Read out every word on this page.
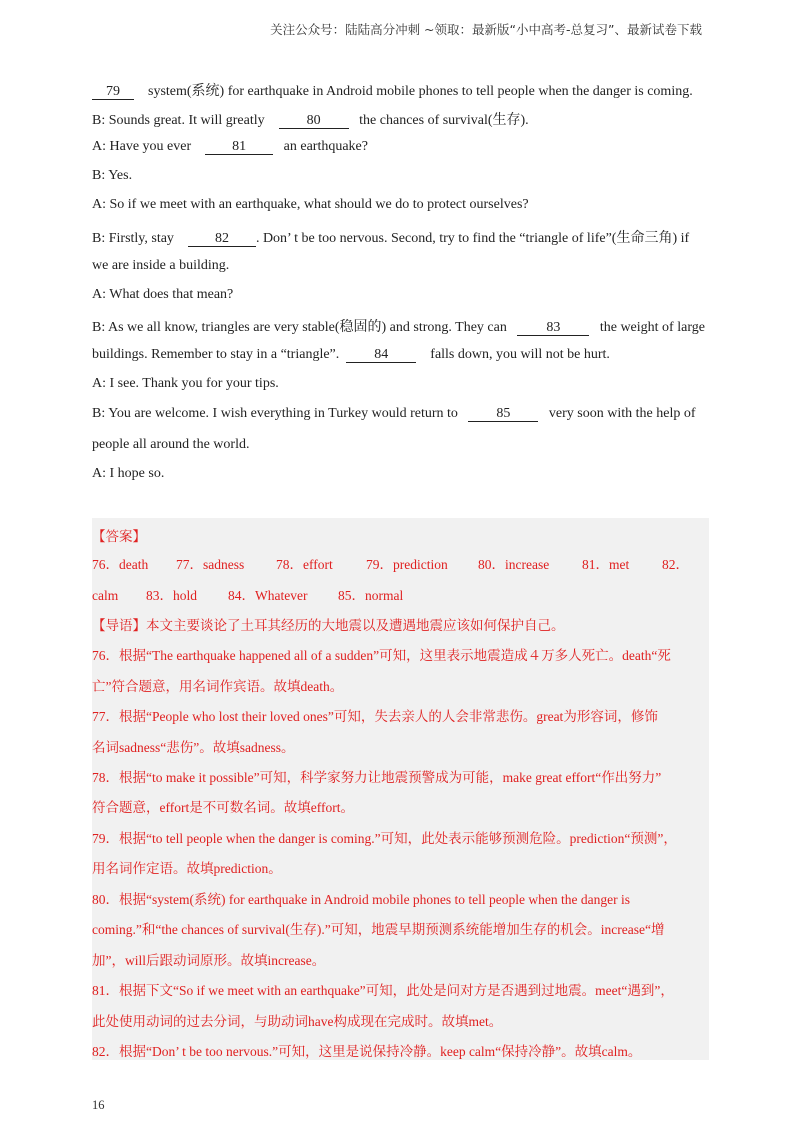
关注公众号：陆陆高分冲刺 ~领取：最新版“小中高考-总复习”、最新试卷下载
79 system(系统) for earthquake in Android mobile phones to tell people when the danger is coming.
B: Sounds great. It will greatly	80	the chances of survival(生存).
A: Have you ever	81	an earthquake?
B: Yes.
A: So if we meet with an earthquake, what should we do to protect ourselves?
B: Firstly, stay	82 . Don’ t be too nervous. Second, try to find the “triangle of life”(生命三角) if
we are inside a building.
A: What does that mean?
B: As we all know, triangles are very stable(稳固的) and strong. They can	83	the weight of large
buildings. Remember to stay in a “triangle”.	84	falls down, you will not be hurt.
A: I see. Thank you for your tips.
B: You are welcome. I wish everything in Turkey would return to	85	very soon with the help of
people all around the world.
A: I hope so.
【答案】
76．death 77．sadness 78．effort 79．prediction 80．increase 81．met 82．
calm 83．hold 84．Whatever 85．normal
【导语】本文主要谈论了土耳其经历的大地震以及遭遇地震应该如何保护自己。
76．根据“The earthquake happened all of a sudden”可知，这里表示地震造成４万多人死亡。death“死
亡”符合题意，用名词作宾语。故填death。
77．根据“People who lost their loved ones”可知，失去亲人的人会非常悲伤。great为形容词，修饰
名词sadness“悲伤”。故填sadness。
78．根据“to make it possible”可知，科学家努力让地震预警成为可能，make great effort“作出努力”
符合题意，effort是不可数名词。故填effort。
79．根据“to tell people when the danger is coming.”可知，此处表示能够预测危险。prediction“预测”，
用名词作定语。故填prediction。
80．根据“system(系统) for earthquake in Android mobile phones to tell people when the danger is
coming.”和“the chances of survival(生存).”可知，地震早期预测系统能增加生存的机会。increase“增
加”，will后跟动词原形。故填increase。
81．根据下文“So if we meet with an earthquake”可知，此处是问对方是否遇到过地震。meet“遇到”，
此处使用动词的过去分词，与助动词have构成现在完成时。故填met。
82．根据“Don’ t be too nervous.”可知，这里是说保持冷静。keep calm“保持冷静”。故填calm。
16
